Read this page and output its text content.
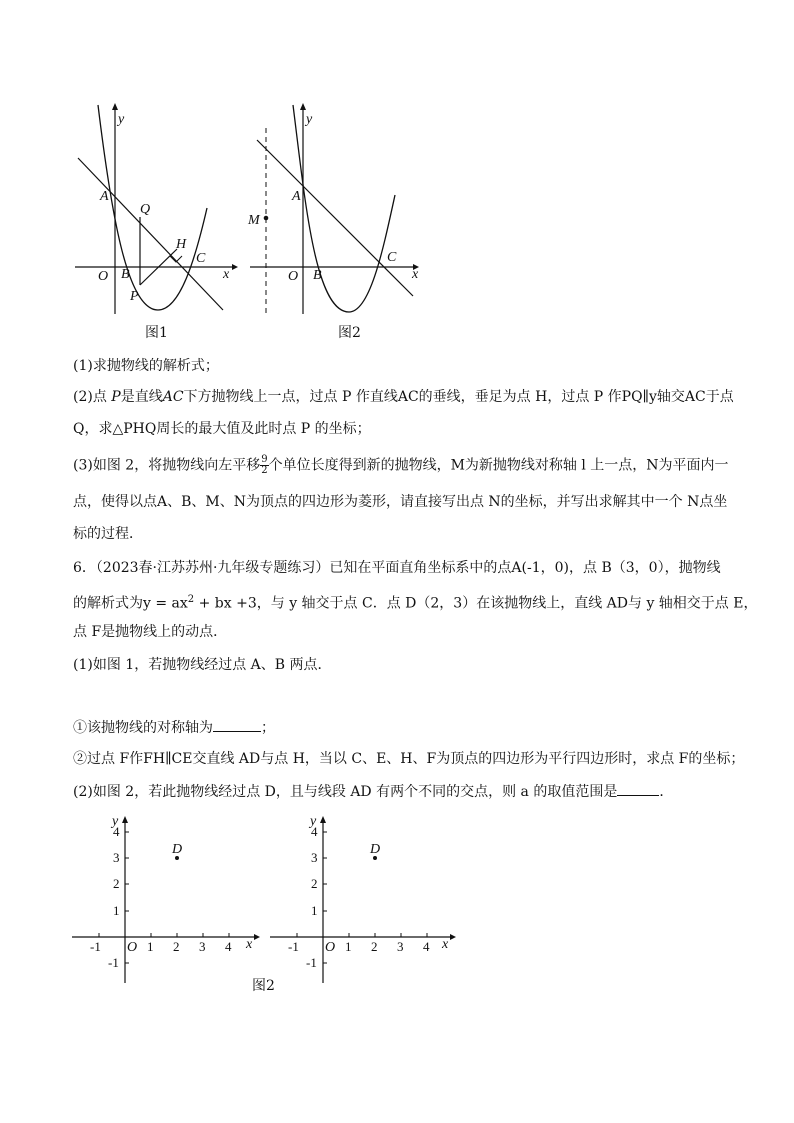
y
x
A
Q
H
C
O B
P
图1
y
x
A
M
C
O B
图2
(1)求抛物线的解析式；
(2)点 P是直线AC下方抛物线上一点，过点 P 作直线AC的垂线，垂足为点 H，过点 P 作PQ∥y轴交AC于点
Q，求△PHQ周长的最大值及此时点 P 的坐标；
(3)如图 2，将抛物线向左平移 $\frac{9}{2}$ 个单位长度得到新的抛物线，M为新抛物线对称轴 l 上一点，N为平面内一
点，使得以点A、B、M、N为顶点的四边形为菱形，请直接写出点 N的坐标，并写出求解其中一个 N点坐
标的过程．
6．（2023春·江苏苏州·九年级专题练习）已知在平面直角坐标系中的点A(-1，0)，点 B（3，0），抛物线
的解析式为$y = ax^2$ + bx +3，与 y 轴交于点 C．点 D（2，3）在该抛物线上，直线 AD与 y 轴相交于点 E，
点 F是抛物线上的动点．
(1)如图 1，若抛物线经过点 A、B 两点．
①该抛物线的对称轴为	；
②过点 F作FH∥CE交直线 AD与点 H，当以 C、E、H、F为顶点的四边形为平行四边形时，求点 F的坐标；
(2)如图 2，若此抛物线经过点 D，且与线段 AD 有两个不同的交点，则 a 的取值范围是	．
-1	1 2 3 4
4
3
2
1
-1
O	x
y
D
-1	1 2 3 4
4
3
2
1
-1
O	x
y
D
图2
